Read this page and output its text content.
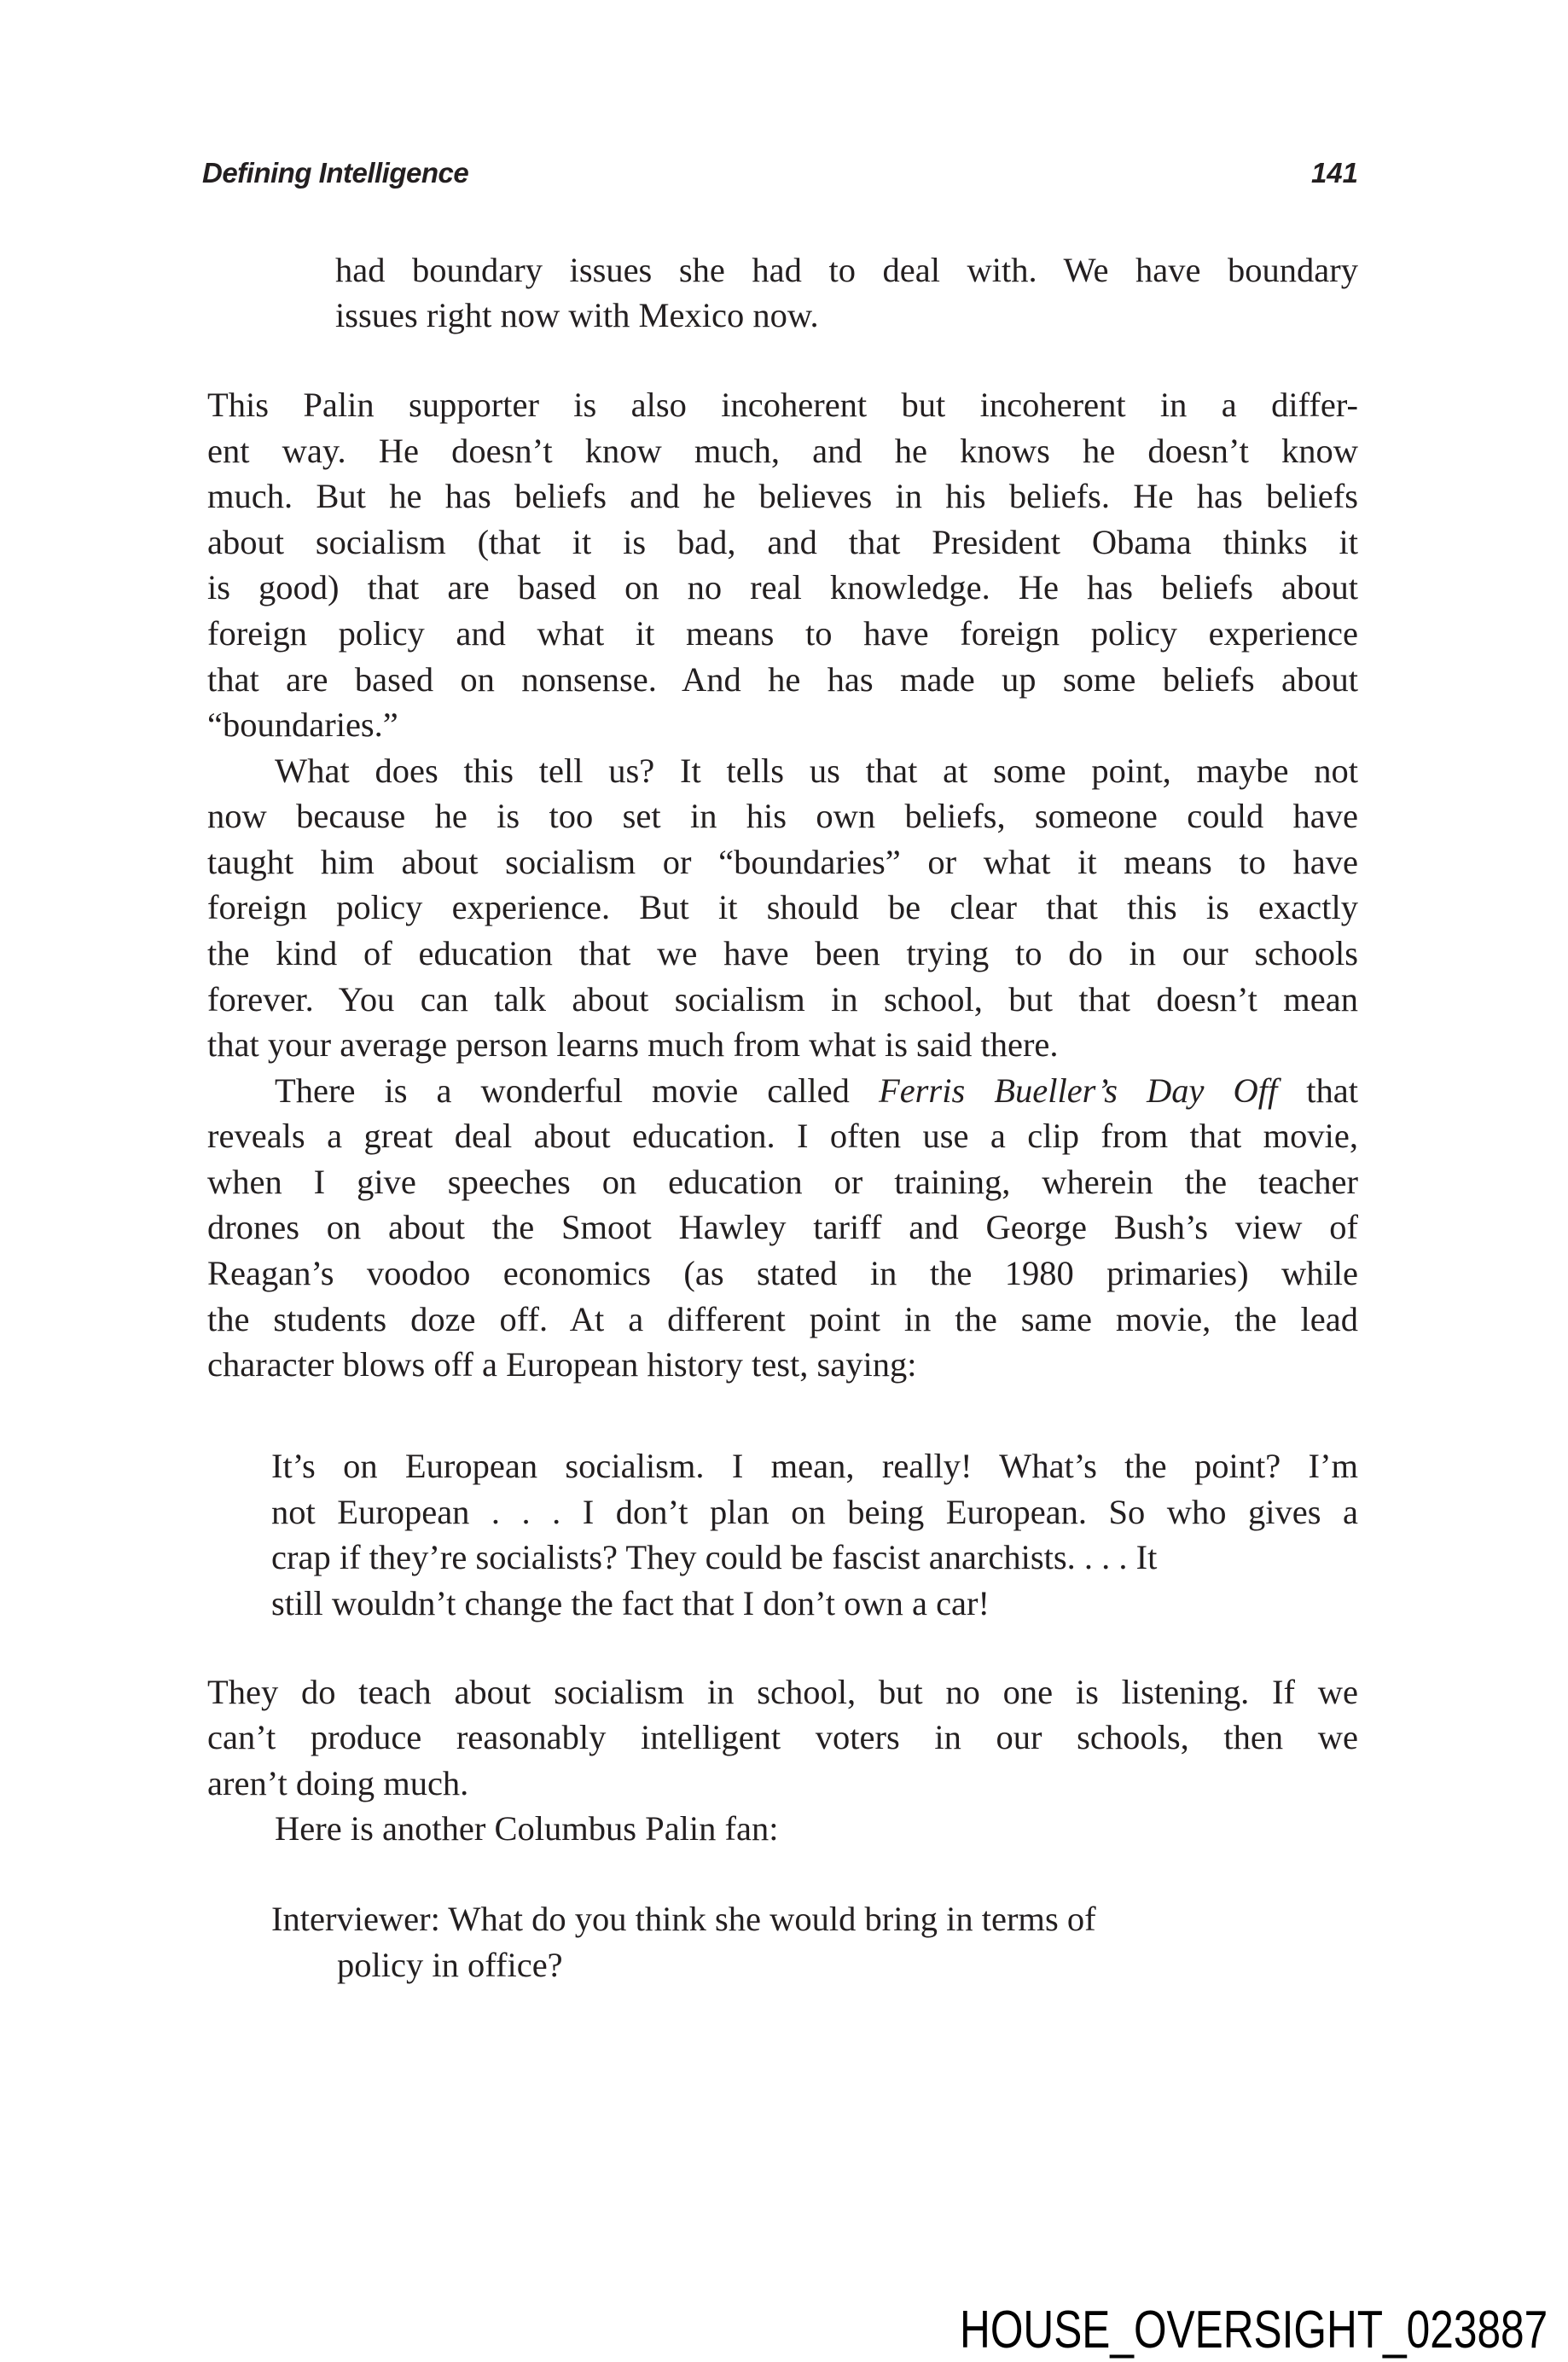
Defining Intelligence	141
had boundary issues she had to deal with. We have boundary
issues right now with Mexico now.
This Palin supporter is also incoherent but incoherent in a differ-
ent way. He doesn’t know much, and he knows he doesn’t know
much. But he has beliefs and he believes in his beliefs. He has beliefs
about socialism (that it is bad, and that President Obama thinks it
is good) that are based on no real knowledge. He has beliefs about
foreign policy and what it means to have foreign policy experience
that are based on nonsense. And he has made up some beliefs about
“boundaries.”
What does this tell us? It tells us that at some point, maybe not
now because he is too set in his own beliefs, someone could have
taught him about socialism or “boundaries” or what it means to have
foreign policy experience. But it should be clear that this is exactly
the kind of education that we have been trying to do in our schools
forever. You can talk about socialism in school, but that doesn’t mean
that your average person learns much from what is said there.
There is a wonderful movie called Ferris Bueller’s Day Off that
reveals a great deal about education. I often use a clip from that movie,
when I give speeches on education or training, wherein the teacher
drones on about the Smoot Hawley tariff and George Bush’s view of
Reagan’s voodoo economics (as stated in the 1980 primaries) while
the students doze off. At a different point in the same movie, the lead
character blows off a European history test, saying:
It’s on European socialism. I mean, really! What’s the point? I’m
not European . . . I don’t plan on being European. So who gives a
crap if they’re socialists? They could be fascist anarchists. . . . It
still wouldn’t change the fact that I don’t own a car!
They do teach about socialism in school, but no one is listening. If we
can’t produce reasonably intelligent voters in our schools, then we
aren’t doing much.
Here is another Columbus Palin fan:
Interviewer: What do you think she would bring in terms of
policy in office?
HOUSE_OVERSIGHT_023887
